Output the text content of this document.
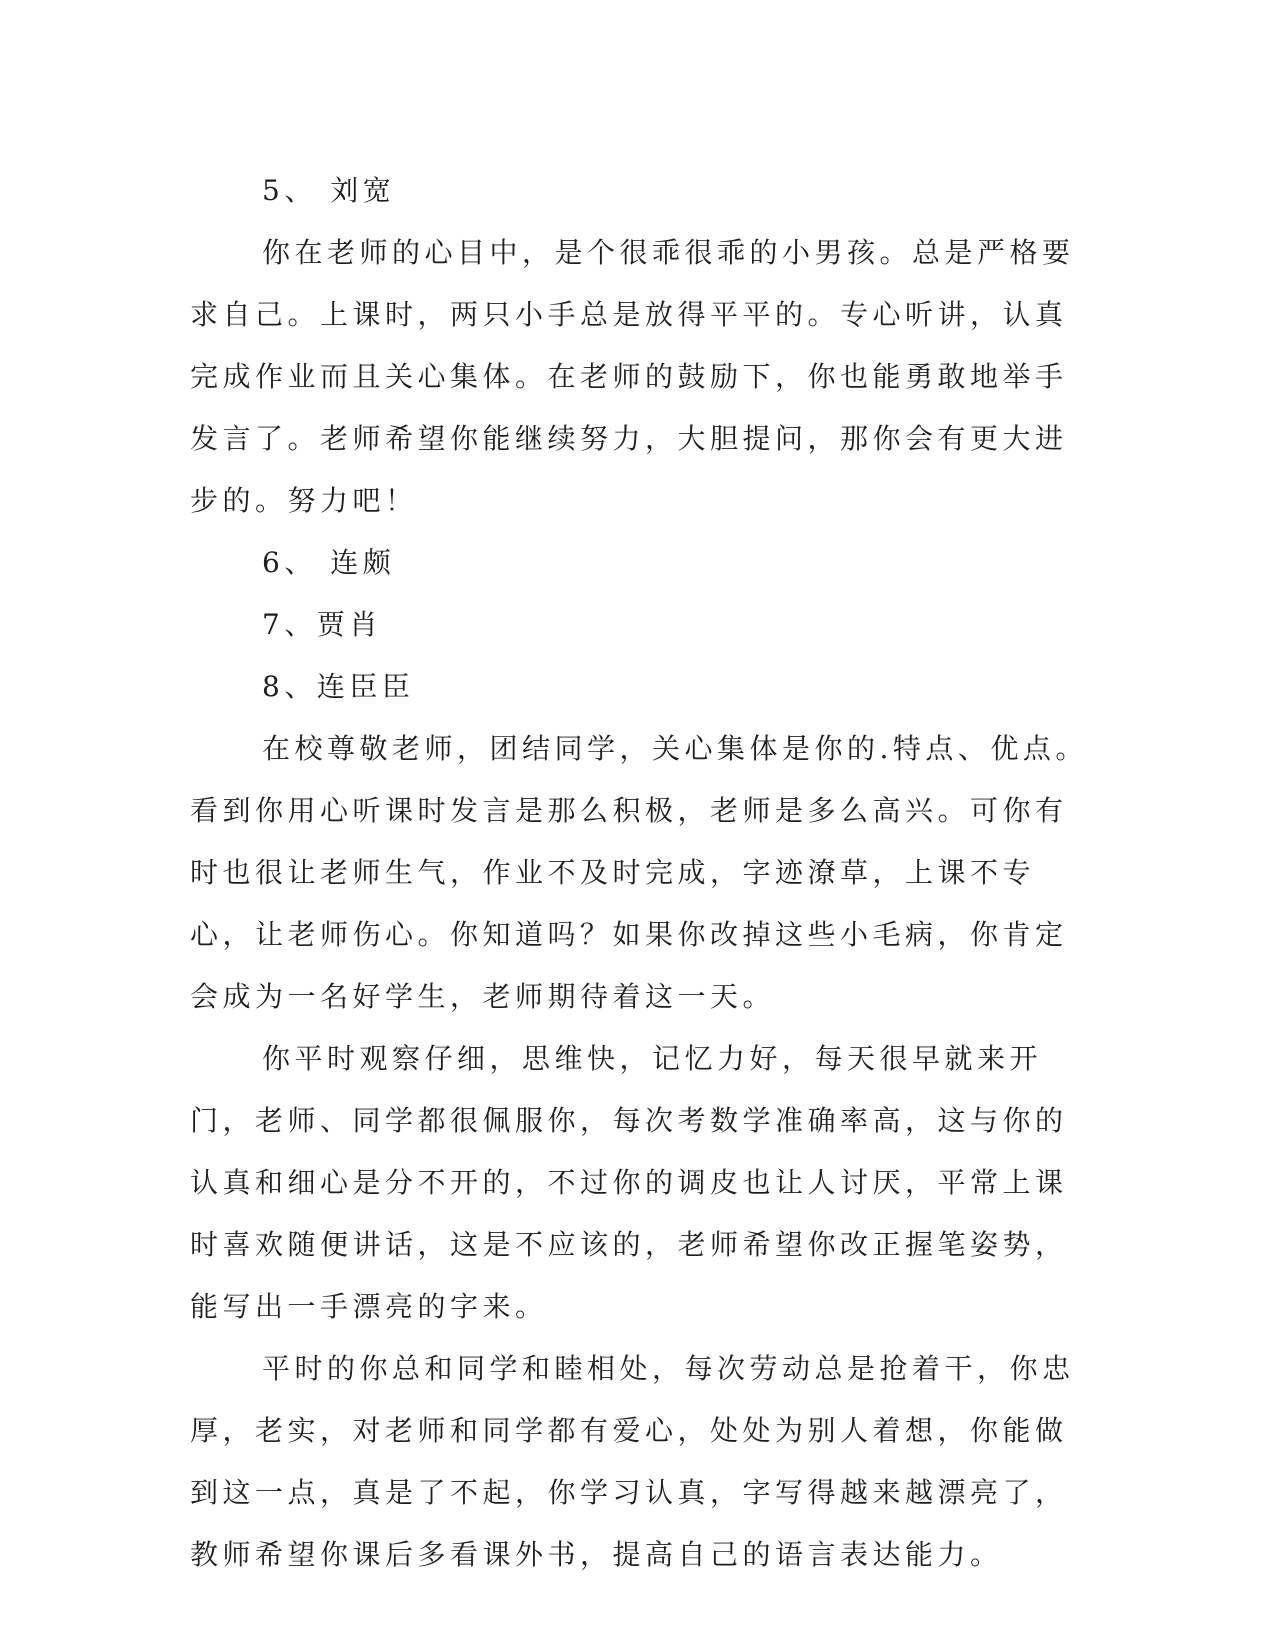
5、 刘宽

你在老师的心目中，是个很乖很乖的小男孩。总是严格要求自己。上课时，两只小手总是放得平平的。专心听讲，认真完成作业而且关心集体。在老师的鼓励下，你也能勇敢地举手发言了。老师希望你能继续努力，大胆提问，那你会有更大进步的。努力吧！

6、 连颇

7、贾肖

8、连臣臣

在校尊敬老师，团结同学，关心集体是你的.特点、优点。看到你用心听课时发言是那么积极，老师是多么高兴。可你有时也很让老师生气，作业不及时完成，字迹潦草，上课不专心，让老师伤心。你知道吗？如果你改掉这些小毛病，你肯定会成为一名好学生，老师期待着这一天。

你平时观察仔细，思维快，记忆力好，每天很早就来开门，老师、同学都很佩服你，每次考数学准确率高，这与你的认真和细心是分不开的，不过你的调皮也让人讨厌，平常上课时喜欢随便讲话，这是不应该的，老师希望你改正握笔姿势，能写出一手漂亮的字来。

平时的你总和同学和睦相处，每次劳动总是抢着干，你忠厚，老实，对老师和同学都有爱心，处处为别人着想，你能做到这一点，真是了不起，你学习认真，字写得越来越漂亮了，教师希望你课后多看课外书，提高自己的语言表达能力。
